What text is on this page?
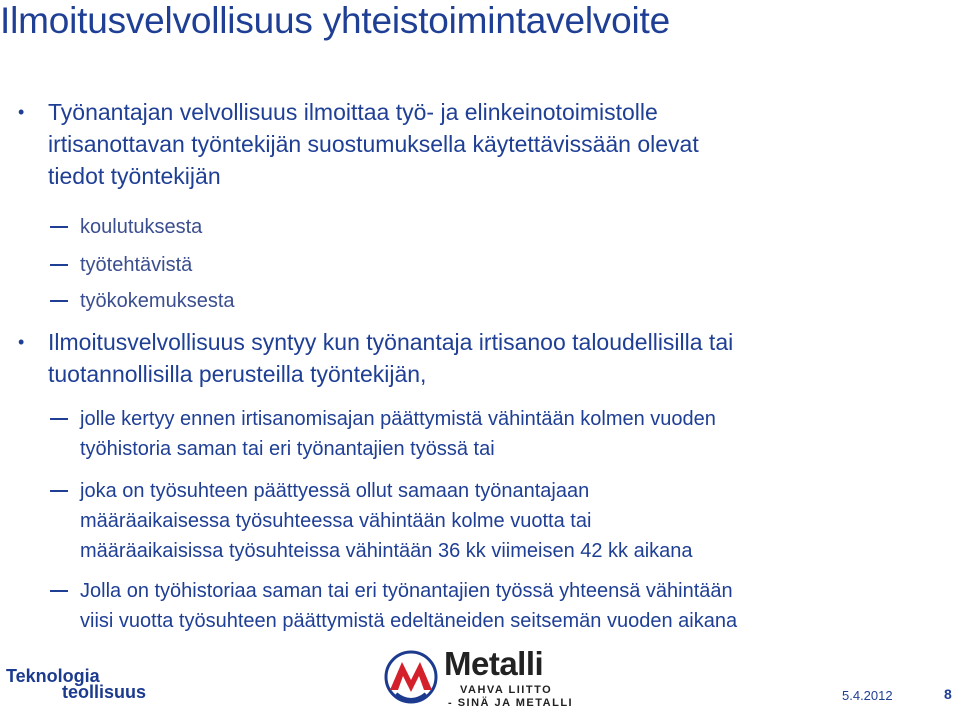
Ilmoitusvelvollisuus yhteistoimintavelvoite
• Työnantajan velvollisuus ilmoittaa työ- ja elinkeinotoimistolle
irtisanottavan työntekijän suostumuksella käytettävissään olevat
tiedot työntekijän
koulutuksesta
työtehtävistä
työkokemuksesta
• Ilmoitusvelvollisuus syntyy kun työnantaja irtisanoo taloudellisilla tai
tuotannollisilla perusteilla työntekijän,
jolle kertyy ennen irtisanomisajan päättymistä vähintään kolmen vuoden
työhistoria saman tai eri työnantajien työssä tai
joka on työsuhteen päättyessä ollut samaan työnantajaan
määräaikaisessa työsuhteessa vähintään kolme vuotta tai
määräaikaisissa työsuhteissa vähintään 36 kk viimeisen 42 kk aikana
Jolla on työhistoriaa saman tai eri työnantajien työssä yhteensä vähintään
viisi vuotta työsuhteen päättymistä edeltäneiden seitsemän vuoden aikana
Teknologia
teollisuus
Metalli
VAHVA LIITTO
- SINÄ JA METALLI	5.4.2012	8
